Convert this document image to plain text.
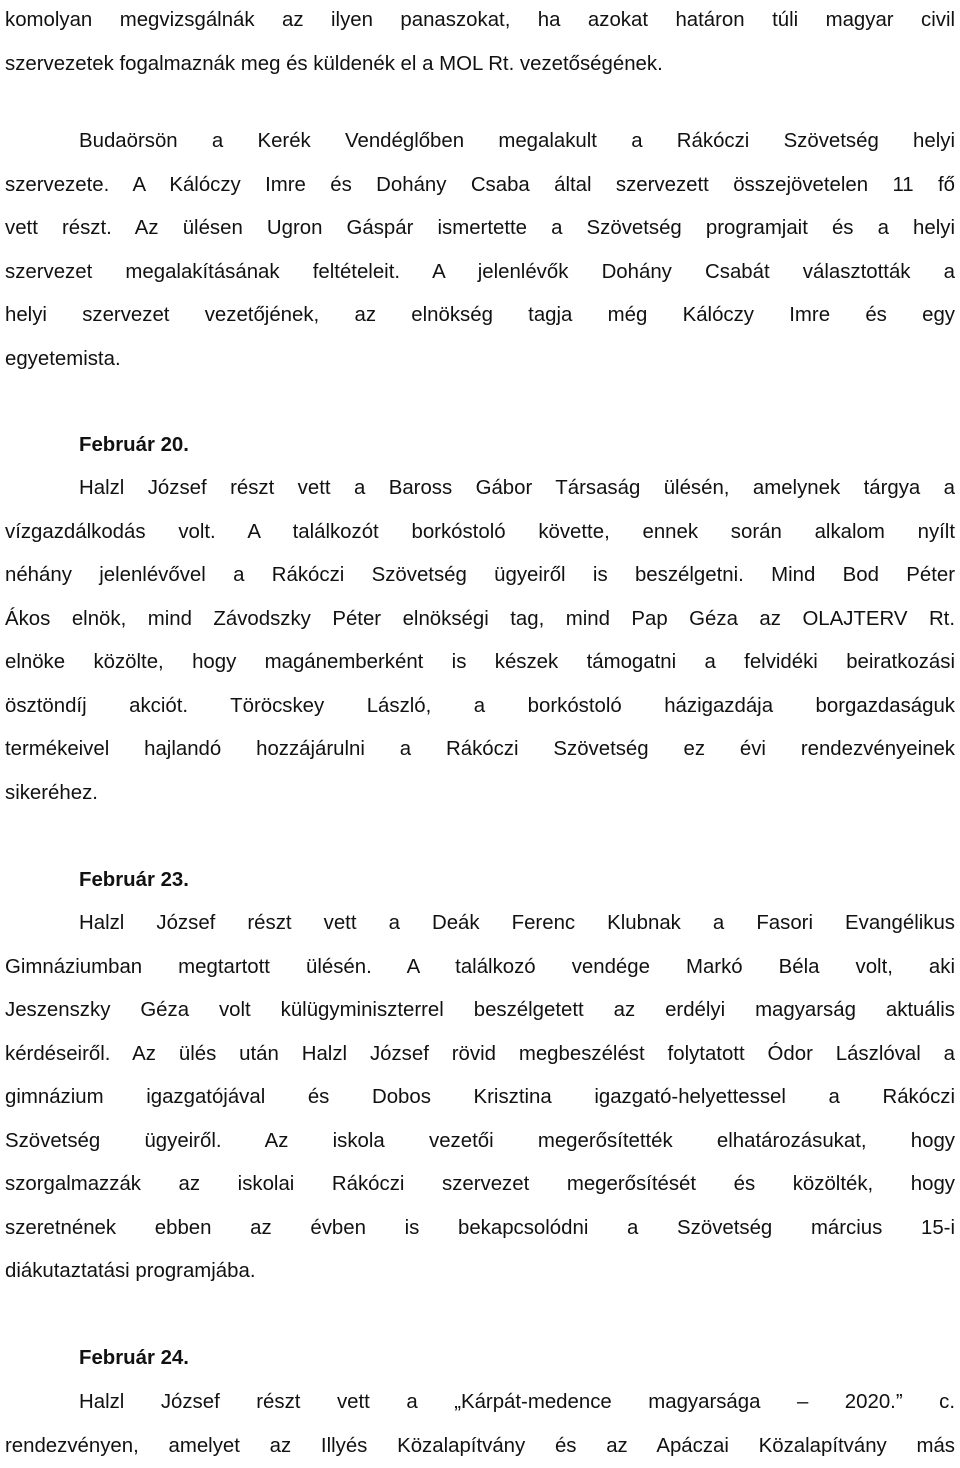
komolyan megvizsgálnák az ilyen panaszokat, ha azokat határon túli magyar civil
szervezetek fogalmaznák meg és küldenék el a MOL Rt. vezetőségének.
Budaörsön a Kerék Vendéglőben megalakult a Rákóczi Szövetség helyi
szervezete. A Kálóczy Imre és Dohány Csaba által szervezett összejövetelen 11 fő
vett részt. Az ülésen Ugron Gáspár ismertette a Szövetség programjait és a helyi
szervezet megalakításának feltételeit. A jelenlévők Dohány Csabát választották a
helyi szervezet vezetőjének, az elnökség tagja még Kálóczy Imre és egy
egyetemista.
Február 20.
Halzl József részt vett a Baross Gábor Társaság ülésén, amelynek tárgya a
vízgazdálkodás volt. A találkozót borkóstoló követte, ennek során alkalom nyílt
néhány jelenlévővel a Rákóczi Szövetség ügyeiről is beszélgetni. Mind Bod Péter
Ákos elnök, mind Závodszky Péter elnökségi tag, mind Pap Géza az OLAJTERV Rt.
elnöke közölte, hogy magánemberként is készek támogatni a felvidéki beiratkozási
ösztöndíj akciót. Töröcskey László, a borkóstoló házigazdája borgazdaságuk
termékeivel hajlandó hozzájárulni a Rákóczi Szövetség ez évi rendezvényeinek
sikeréhez.
Február 23.
Halzl József részt vett a Deák Ferenc Klubnak a Fasori Evangélikus
Gimnáziumban megtartott ülésén. A találkozó vendége Markó Béla volt, aki
Jeszenszky Géza volt külügyminiszterrel beszélgetett az erdélyi magyarság aktuális
kérdéseiről. Az ülés után Halzl József rövid megbeszélést folytatott Ódor Lászlóval a
gimnázium igazgatójával és Dobos Krisztina igazgató-helyettessel a Rákóczi
Szövetség ügyeiről. Az iskola vezetői megerősítették elhatározásukat, hogy
szorgalmazzák az iskolai Rákóczi szervezet megerősítését és közölték, hogy
szeretnének ebben az évben is bekapcsolódni a Szövetség március 15-i
diákutaztatási programjába.
Február 24.
Halzl József részt vett a „Kárpát-medence magyarsága – 2020.” c.
rendezvényen, amelyet az Illyés Közalapítvány és az Apáczai Közalapítvány más
